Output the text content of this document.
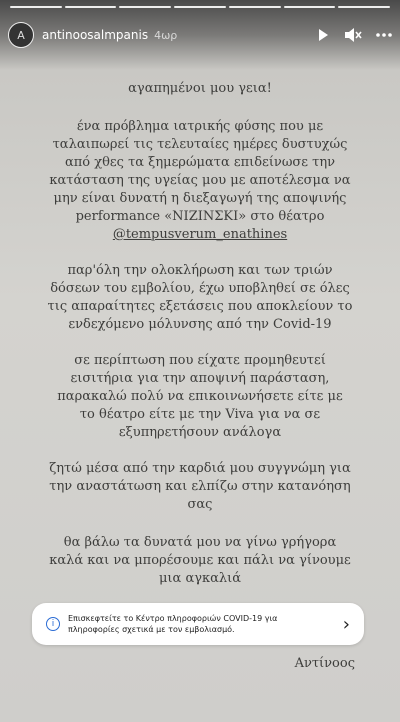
A antinoosalmpanis 4ωρ

αγαπημένοι μου γεια!

ένα πρόβλημα ιατρικής φύσης που με
ταλαιπωρεί τις τελευταίες ημέρες δυστυχώς
από χθες τα ξημερώματα επιδείνωσε την
κατάσταση της υγείας μου με αποτέλεσμα να
μην είναι δυνατή η διεξαγωγή της αποψινής
performance «ΝΙΖΙΝΣΚΙ» στο θέατρο

@tempusverum_enathines

παρ'όλη την ολοκλήρωση και των τριών
δόσεων του εμβολίου, έχω υποβληθεί σε όλες
τις απαραίτητες εξετάσεις που αποκλείουν το
ενδεχόμενο μόλυνσης από την Covid-19

σε περίπτωση που είχατε προμηθευτεί
εισιτήρια για την αποψινή παράσταση,
παρακαλώ πολύ να επικοινωνήσετε είτε με
το θέατρο είτε με την Viva για να σε
εξυπηρετήσουν ανάλογα

ζητώ μέσα από την καρδιά μου συγγνώμη για
την αναστάτωση και ελπίζω στην κατανόηση
σας

θα βάλω τα δυνατά μου να γίνω γρήγορα
καλά και να μπορέσουμε και πάλι να γίνουμε
μια αγκαλιά

i
Επισκεφτείτε το Κέντρο πληροφοριών COVID-19 για πληροφορίες σχετικά με τον εμβολιασμό.	›
Αντίνοος
